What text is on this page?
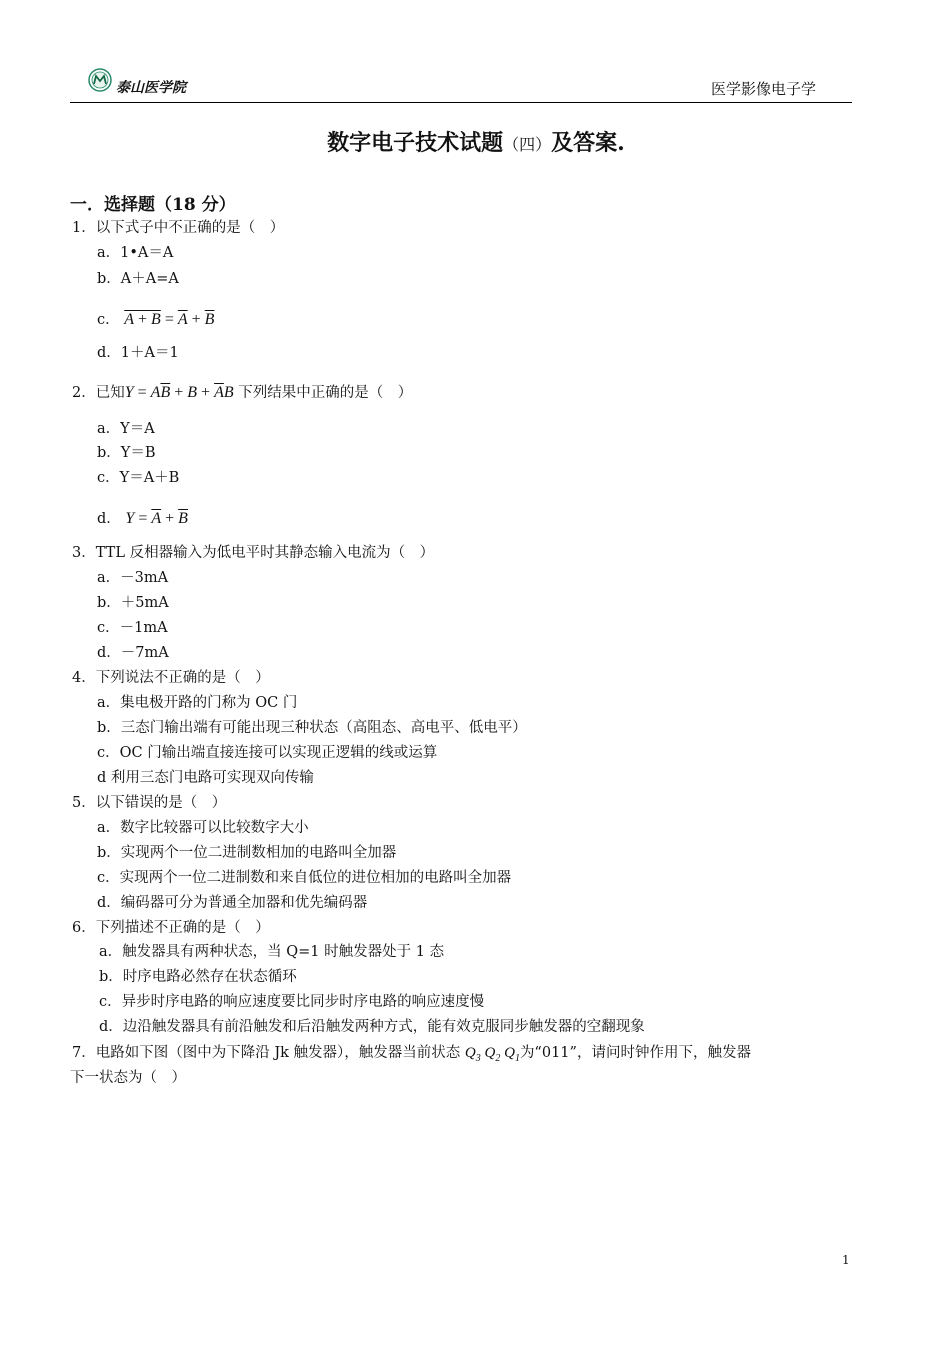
泰山医学院	医学影像电子学
数字电子技术试题（四）及答案.
一．选择题（18 分）
1．以下式子中不正确的是（　）
a．1•A＝A
b．A＋A=A
c． $A + B = \overline{A} + \overline{B}$
d．1＋A＝1
2．已知$Y = A\overline{B} + B + \overline{A}B$ 下列结果中正确的是（　）
a．Y＝A
b．Y＝B
c．Y＝A＋B
d． $Y = \overline{A} + \overline{B}$
3．TTL 反相器输入为低电平时其静态输入电流为（　）
a．－3mA
b．＋5mA
c．－1mA
d．－7mA
4．下列说法不正确的是（　）
a．集电极开路的门称为 OC 门
b．三态门输出端有可能出现三种状态（高阻态、高电平、低电平）
c．OC 门输出端直接连接可以实现正逻辑的线或运算
d 利用三态门电路可实现双向传输
5．以下错误的是（　）
a．数字比较器可以比较数字大小
b．实现两个一位二进制数相加的电路叫全加器
c．实现两个一位二进制数和来自低位的进位相加的电路叫全加器
d．编码器可分为普通全加器和优先编码器
6．下列描述不正确的是（　）
a．触发器具有两种状态，当 Q=1 时触发器处于 1 态
b．时序电路必然存在状态循环
c．异步时序电路的响应速度要比同步时序电路的响应速度慢
d．边沿触发器具有前沿触发和后沿触发两种方式，能有效克服同步触发器的空翻现象
7．电路如下图（图中为下降沿 Jk 触发器），触发器当前状态 $Q_3$ $Q_2$ $Q_1$为“011”，请问时钟作用下，触发器
下一状态为（　）
1
